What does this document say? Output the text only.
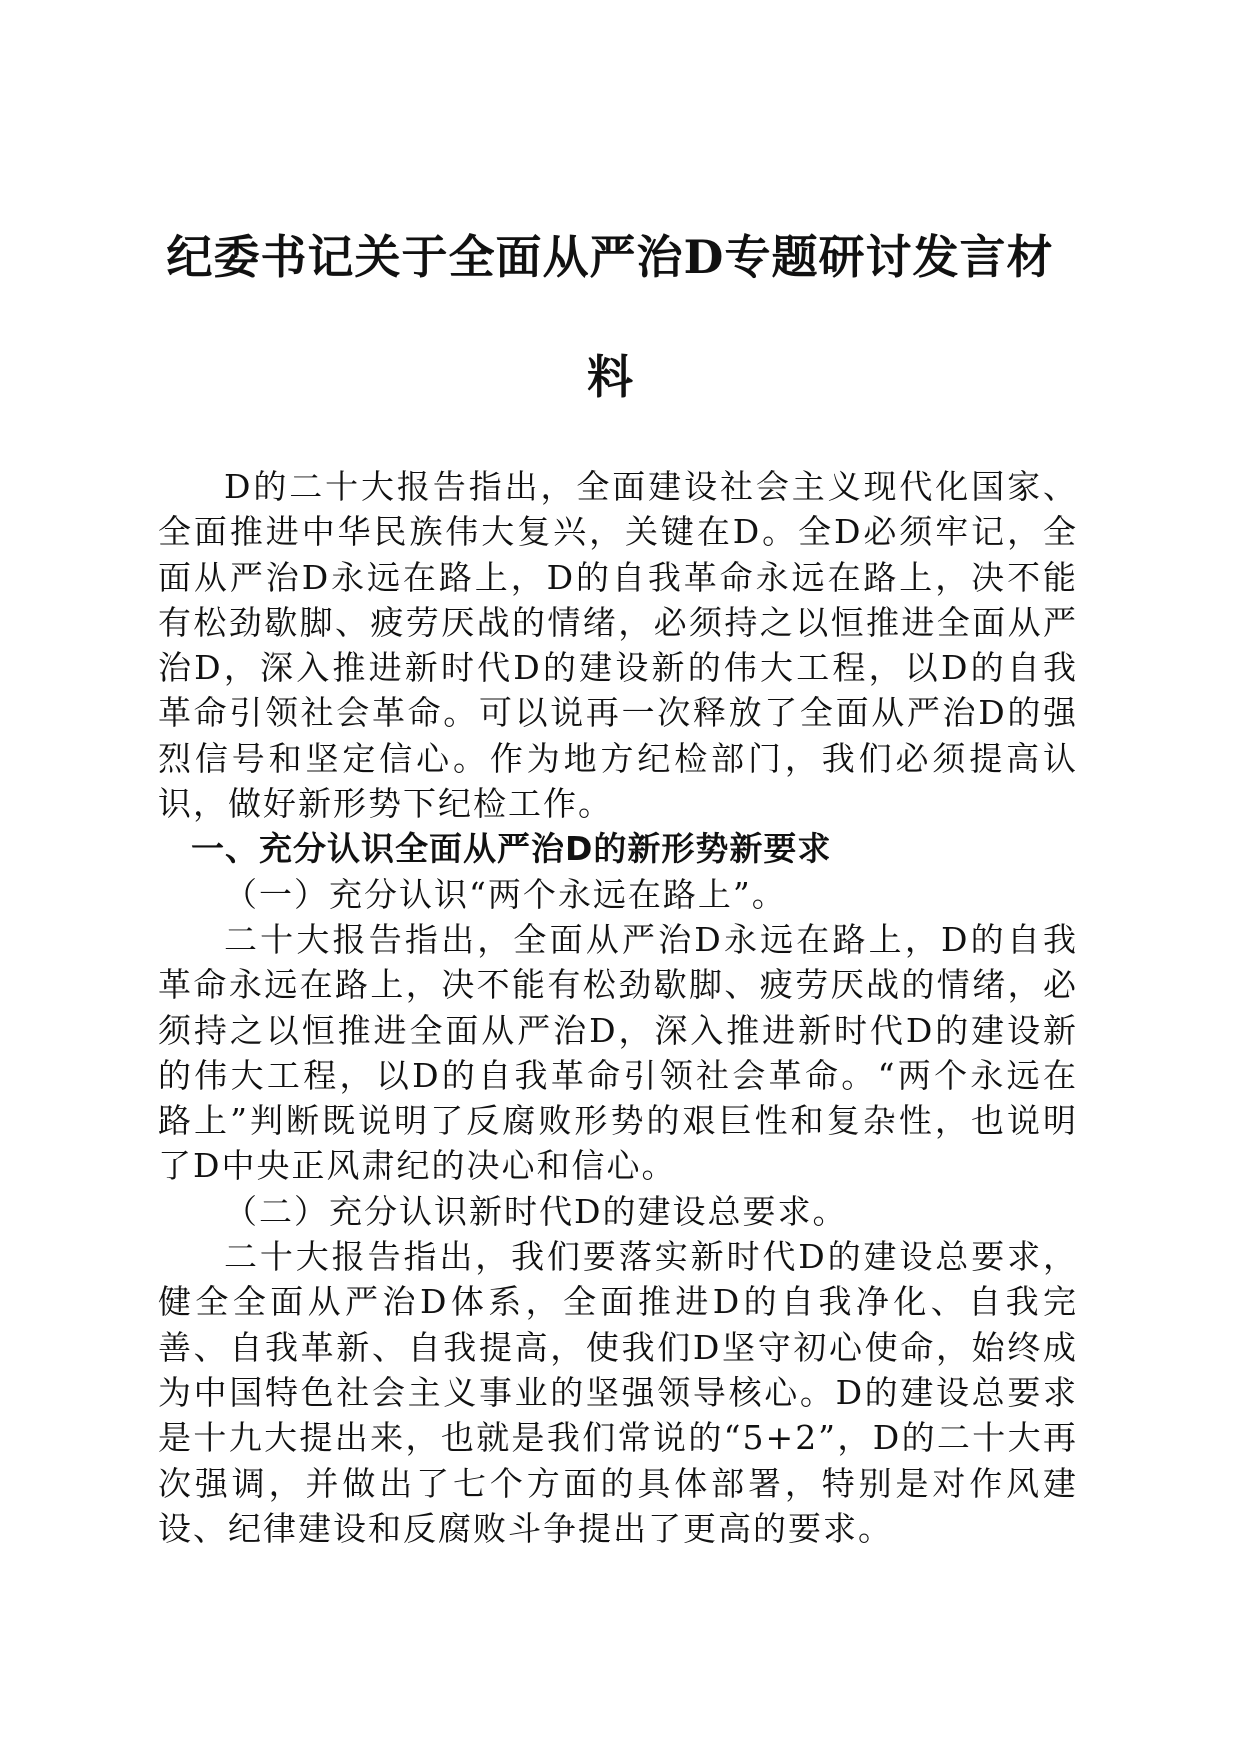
纪委书记关于全面从严治D专题研讨发言材
料

D的二十大报告指出，全面建设社会主义现代化国家、全面推进中华民族伟大复兴，关键在D。全D必须牢记，全面从严治D永远在路上，D的自我革命永远在路上，决不能有松劲歇脚、疲劳厌战的情绪，必须持之以恒推进全面从严治D，深入推进新时代D的建设新的伟大工程，以D的自我革命引领社会革命。可以说再一次释放了全面从严治D的强烈信号和坚定信心。作为地方纪检部门，我们必须提高认识，做好新形势下纪检工作。

一、充分认识全面从严治D的新形势新要求

（一）充分认识“两个永远在路上”。

二十大报告指出，全面从严治D永远在路上，D的自我革命永远在路上，决不能有松劲歇脚、疲劳厌战的情绪，必须持之以恒推进全面从严治D，深入推进新时代D的建设新的伟大工程，以D的自我革命引领社会革命。“两个永远在路上”判断既说明了反腐败形势的艰巨性和复杂性，也说明了D中央正风肃纪的决心和信心。

（二）充分认识新时代D的建设总要求。

二十大报告指出，我们要落实新时代D的建设总要求，健全全面从严治D体系，全面推进D的自我净化、自我完善、自我革新、自我提高，使我们D坚守初心使命，始终成为中国特色社会主义事业的坚强领导核心。D的建设总要求是十九大提出来，也就是我们常说的“5+2”，D的二十大再次强调，并做出了七个方面的具体部署，特别是对作风建设、纪律建设和反腐败斗争提出了更高的要求。
